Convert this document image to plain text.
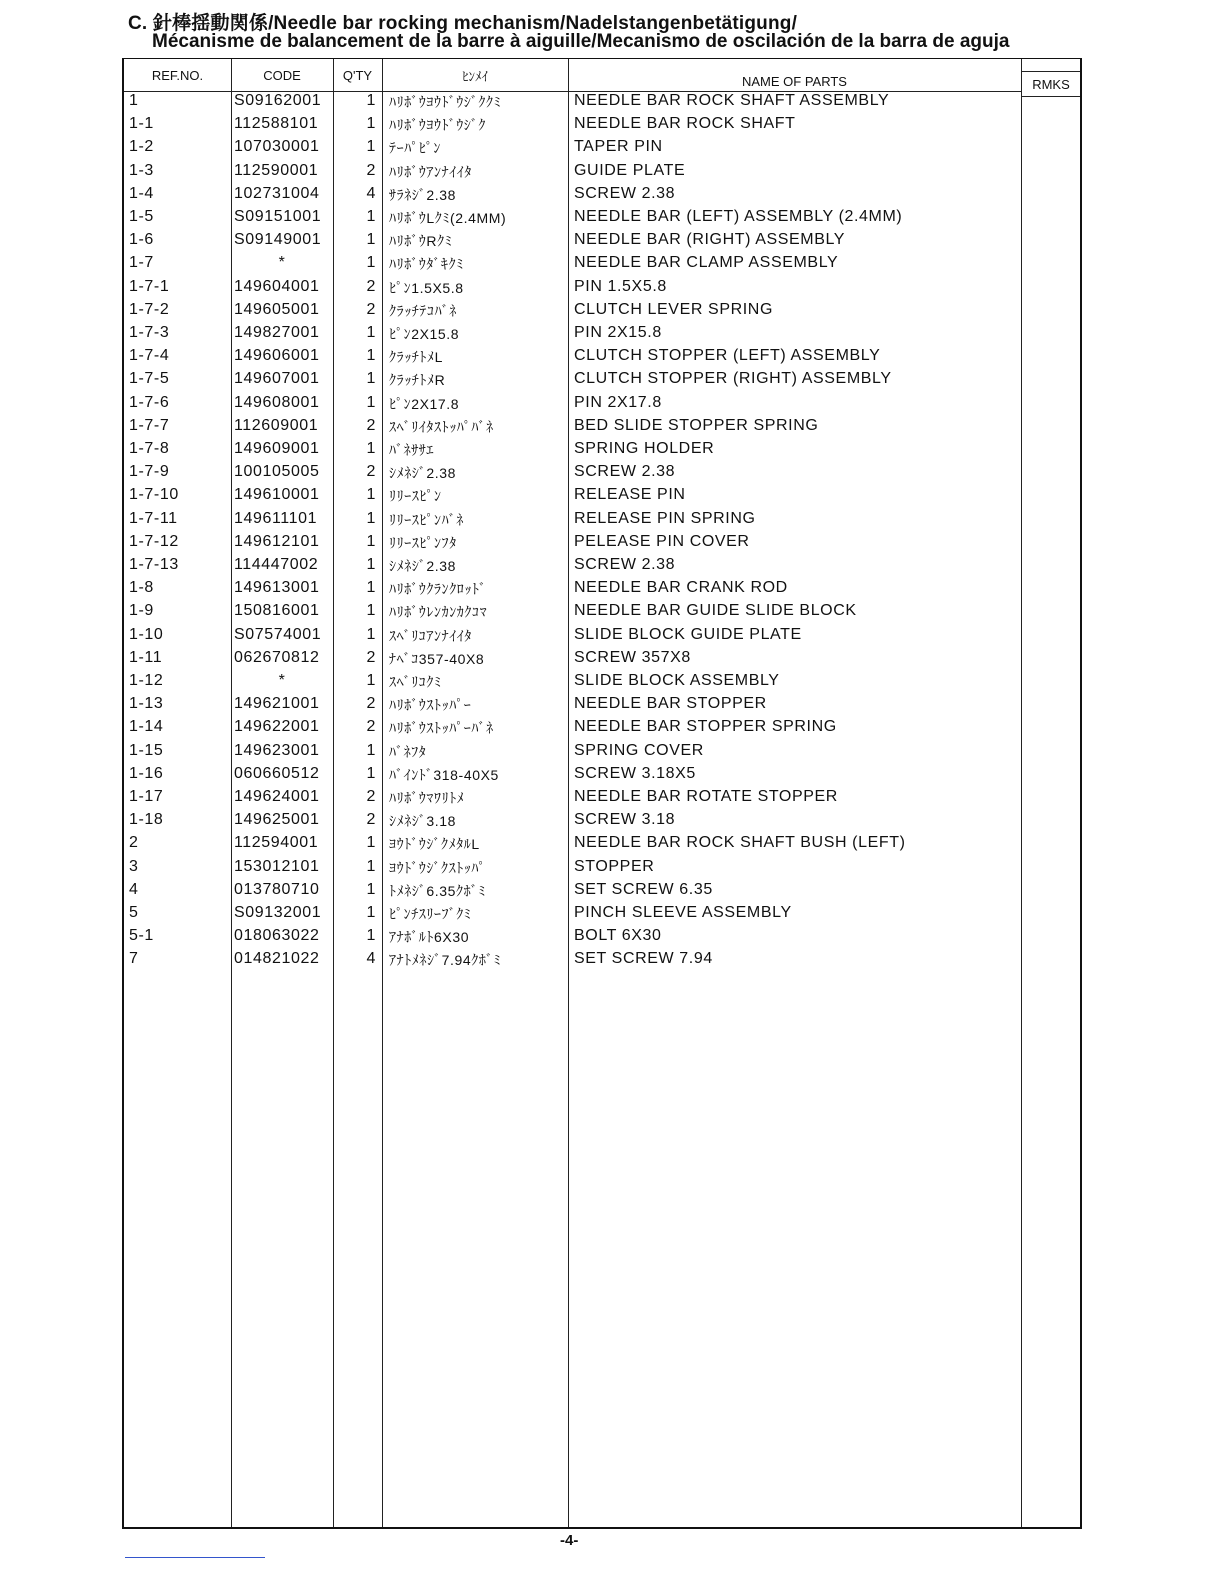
C. 針棒揺動関係/Needle bar rocking mechanism/Nadelstangenbetätigung/
Mécanisme de balancement de la barre à aiguille/Mecanismo de oscilación de la barra de aguja
REF.NO.	CODE	Q'TY	ﾋﾝﾒｲ	NAME OF PARTS	RMKS
1	S09162001	1 ﾊﾘﾎﾞｳﾖｳﾄﾞｳｼﾞｸｸﾐ	NEEDLE BAR ROCK SHAFT ASSEMBLY
1-1	112588101	1 ﾊﾘﾎﾞｳﾖｳﾄﾞｳｼﾞｸ	NEEDLE BAR ROCK SHAFT
1-2	107030001	1 ﾃｰﾊﾟﾋﾟﾝ	TAPER PIN
1-3	112590001	2 ﾊﾘﾎﾞｳｱﾝﾅｲｲﾀ	GUIDE PLATE
1-4	102731004	4 ｻﾗﾈｼﾞ2.38	SCREW 2.38
1-5	S09151001	1 ﾊﾘﾎﾞｳLｸﾐ(2.4MM)	NEEDLE BAR (LEFT) ASSEMBLY (2.4MM)
1-6	S09149001	1 ﾊﾘﾎﾞｳRｸﾐ	NEEDLE BAR (RIGHT) ASSEMBLY
1-7	*	1 ﾊﾘﾎﾞｳﾀﾞｷｸﾐ	NEEDLE BAR CLAMP ASSEMBLY
1-7-1	149604001	2 ﾋﾟﾝ1.5X5.8	PIN 1.5X5.8
1-7-2	149605001	2 ｸﾗｯﾁﾃｺﾊﾞﾈ	CLUTCH LEVER SPRING
1-7-3	149827001	1 ﾋﾟﾝ2X15.8	PIN 2X15.8
1-7-4	149606001	1 ｸﾗｯﾁﾄﾒL	CLUTCH STOPPER (LEFT) ASSEMBLY
1-7-5	149607001	1 ｸﾗｯﾁﾄﾒR	CLUTCH STOPPER (RIGHT) ASSEMBLY
1-7-6	149608001	1 ﾋﾟﾝ2X17.8	PIN 2X17.8
1-7-7	112609001	2 ｽﾍﾞﾘｲﾀｽﾄｯﾊﾟﾊﾞﾈ	BED SLIDE STOPPER SPRING
1-7-8	149609001	1 ﾊﾞﾈｻｻｴ	SPRING HOLDER
1-7-9	100105005	2 ｼﾒﾈｼﾞ2.38	SCREW 2.38
1-7-10	149610001	1 ﾘﾘｰｽﾋﾟﾝ	RELEASE PIN
1-7-11	149611101	1 ﾘﾘｰｽﾋﾟﾝﾊﾞﾈ	RELEASE PIN SPRING
1-7-12	149612101	1 ﾘﾘｰｽﾋﾟﾝﾌﾀ	PELEASE PIN COVER
1-7-13	114447002	1 ｼﾒﾈｼﾞ2.38	SCREW 2.38
1-8	149613001	1 ﾊﾘﾎﾞｳｸﾗﾝｸﾛｯﾄﾞ	NEEDLE BAR CRANK ROD
1-9	150816001	1 ﾊﾘﾎﾞｳﾚﾝｶﾝｶｸｺﾏ	NEEDLE BAR GUIDE SLIDE BLOCK
1-10	S07574001	1 ｽﾍﾞﾘｺｱﾝﾅｲｲﾀ	SLIDE BLOCK GUIDE PLATE
1-11	062670812	2 ﾅﾍﾞｺ357-40X8	SCREW 357X8
1-12	*	1 ｽﾍﾞﾘｺｸﾐ	SLIDE BLOCK ASSEMBLY
1-13	149621001	2 ﾊﾘﾎﾞｳｽﾄｯﾊﾟｰ	NEEDLE BAR STOPPER
1-14	149622001	2 ﾊﾘﾎﾞｳｽﾄｯﾊﾟｰﾊﾞﾈ	NEEDLE BAR STOPPER SPRING
1-15	149623001	1 ﾊﾞﾈﾌﾀ	SPRING COVER
1-16	060660512	1 ﾊﾞｲﾝﾄﾞ318-40X5	SCREW 3.18X5
1-17	149624001	2 ﾊﾘﾎﾞｳﾏﾜﾘﾄﾒ	NEEDLE BAR ROTATE STOPPER
1-18	149625001	2 ｼﾒﾈｼﾞ3.18	SCREW 3.18
2	112594001	1 ﾖｳﾄﾞｳｼﾞｸﾒﾀﾙL	NEEDLE BAR ROCK SHAFT BUSH (LEFT)
3	153012101	1 ﾖｳﾄﾞｳｼﾞｸｽﾄｯﾊﾟ	STOPPER
4	013780710	1 ﾄﾒﾈｼﾞ6.35ｸﾎﾞﾐ	SET SCREW 6.35
5	S09132001	1 ﾋﾟﾝﾁｽﾘｰﾌﾞｸﾐ	PINCH SLEEVE ASSEMBLY
5-1	018063022	1 ｱﾅﾎﾞﾙﾄ6X30	BOLT 6X30
7	014821022	4 ｱﾅﾄﾒﾈｼﾞ7.94ｸﾎﾞﾐ	SET SCREW 7.94
-4-
